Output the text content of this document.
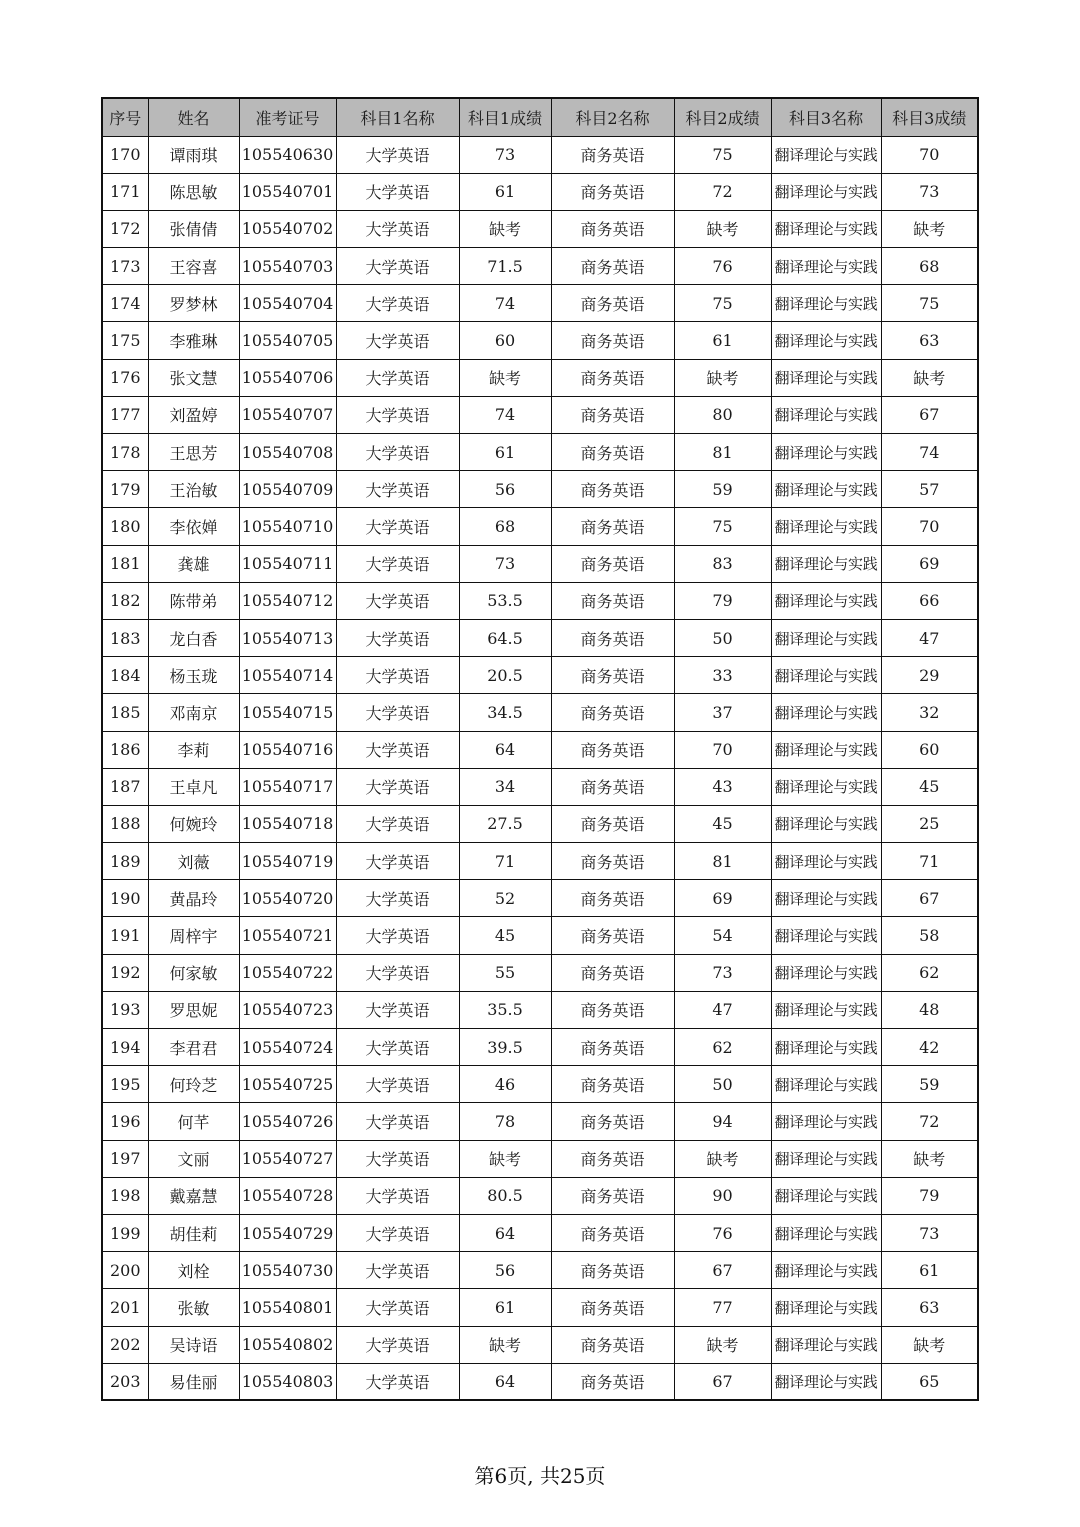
序号	姓名	准考证号	科目1名称	科目1成绩	科目2名称	科目2成绩	科目3名称	科目3成绩
170	谭雨琪	105540630	大学英语	73	商务英语	75	翻译理论与实践	70
171	陈思敏	105540701	大学英语	61	商务英语	72	翻译理论与实践	73
172	张倩倩	105540702	大学英语	缺考	商务英语	缺考	翻译理论与实践	缺考
173	王容喜	105540703	大学英语	71.5	商务英语	76	翻译理论与实践	68
174	罗梦林	105540704	大学英语	74	商务英语	75	翻译理论与实践	75
175	李雅琳	105540705	大学英语	60	商务英语	61	翻译理论与实践	63
176	张文慧	105540706	大学英语	缺考	商务英语	缺考	翻译理论与实践	缺考
177	刘盈婷	105540707	大学英语	74	商务英语	80	翻译理论与实践	67
178	王思芳	105540708	大学英语	61	商务英语	81	翻译理论与实践	74
179	王治敏	105540709	大学英语	56	商务英语	59	翻译理论与实践	57
180	李依婵	105540710	大学英语	68	商务英语	75	翻译理论与实践	70
181	龚雄	105540711	大学英语	73	商务英语	83	翻译理论与实践	69
182	陈带弟	105540712	大学英语	53.5	商务英语	79	翻译理论与实践	66
183	龙白香	105540713	大学英语	64.5	商务英语	50	翻译理论与实践	47
184	杨玉珑	105540714	大学英语	20.5	商务英语	33	翻译理论与实践	29
185	邓南京	105540715	大学英语	34.5	商务英语	37	翻译理论与实践	32
186	李莉	105540716	大学英语	64	商务英语	70	翻译理论与实践	60
187	王卓凡	105540717	大学英语	34	商务英语	43	翻译理论与实践	45
188	何婉玲	105540718	大学英语	27.5	商务英语	45	翻译理论与实践	25
189	刘薇	105540719	大学英语	71	商务英语	81	翻译理论与实践	71
190	黄晶玲	105540720	大学英语	52	商务英语	69	翻译理论与实践	67
191	周梓宇	105540721	大学英语	45	商务英语	54	翻译理论与实践	58
192	何家敏	105540722	大学英语	55	商务英语	73	翻译理论与实践	62
193	罗思妮	105540723	大学英语	35.5	商务英语	47	翻译理论与实践	48
194	李君君	105540724	大学英语	39.5	商务英语	62	翻译理论与实践	42
195	何玲芝	105540725	大学英语	46	商务英语	50	翻译理论与实践	59
196	何芊	105540726	大学英语	78	商务英语	94	翻译理论与实践	72
197	文丽	105540727	大学英语	缺考	商务英语	缺考	翻译理论与实践	缺考
198	戴嘉慧	105540728	大学英语	80.5	商务英语	90	翻译理论与实践	79
199	胡佳莉	105540729	大学英语	64	商务英语	76	翻译理论与实践	73
200	刘栓	105540730	大学英语	56	商务英语	67	翻译理论与实践	61
201	张敏	105540801	大学英语	61	商务英语	77	翻译理论与实践	63
202	吴诗语	105540802	大学英语	缺考	商务英语	缺考	翻译理论与实践	缺考
203	易佳丽	105540803	大学英语	64	商务英语	67	翻译理论与实践	65
第6页, 共25页
